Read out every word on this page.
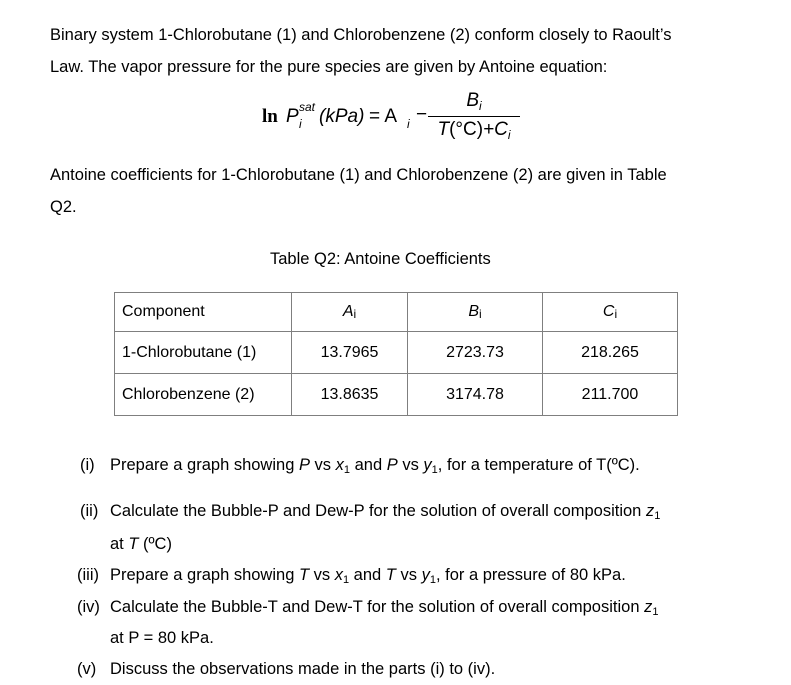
Binary system 1-Chlorobutane (1) and Chlorobenzene (2) conform closely to Raoult’s
Law. The vapor pressure for the pure species are given by Antoine equation:
ln P sat
i (kPa) = A i −
$B_i$
$T(^\circ C)+C_i$
Antoine coefficients for 1-Chlorobutane (1) and Chlorobenzene (2) are given in Table
Q2.
Table Q2: Antoine Coefficients
Component	Ai	Bi	Ci
1-Chlorobutane (1)	13.7965	2723.73	218.265
Chlorobenzene (2)	13.8635	3174.78	211.700
(i) Prepare a graph showing P vs $x_1$ and P vs $y_1$, for a temperature of T(ºC).
(ii) Calculate the Bubble-P and Dew-P for the solution of overall composition $z_1$
at T (ºC)
(iii) Prepare a graph showing T vs $x_1$ and T vs $y_1$, for a pressure of 80 kPa.
(iv) Calculate the Bubble-T and Dew-T for the solution of overall composition $z_1$
at P = 80 kPa.
(v) Discuss the observations made in the parts (i) to (iv).
